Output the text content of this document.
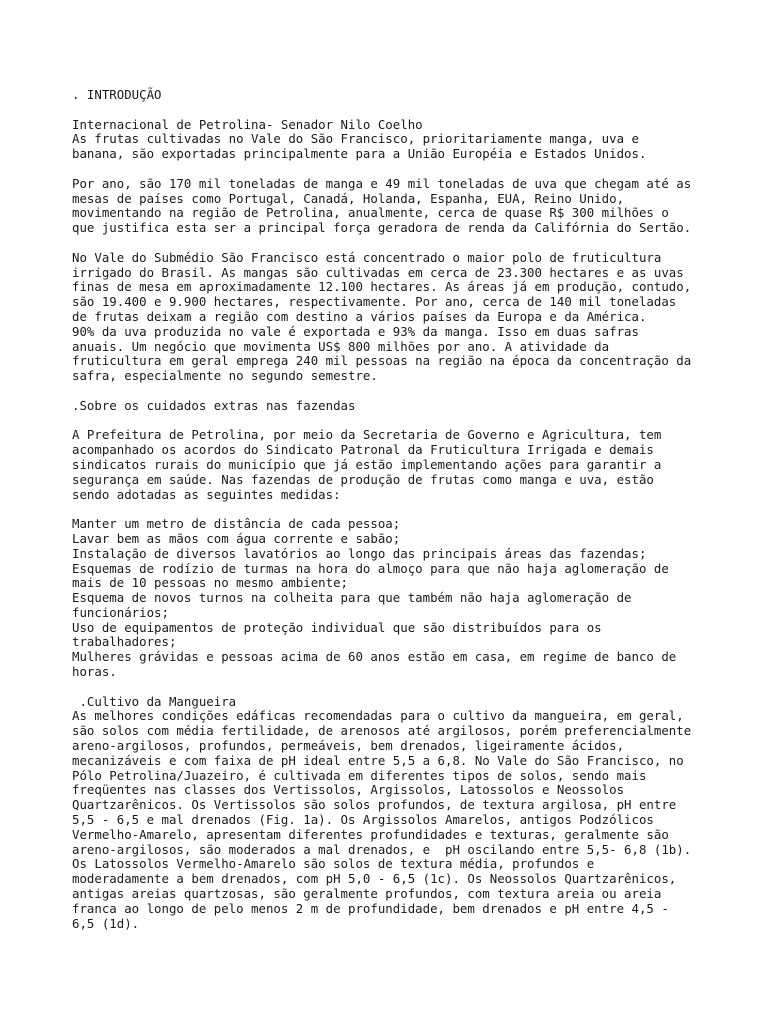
. INTRODUÇÃO
Internacional de Petrolina- Senador Nilo Coelho
As frutas cultivadas no Vale do São Francisco, prioritariamente manga, uva e
banana, são exportadas principalmente para a União Européia e Estados Unidos.
Por ano, são 170 mil toneladas de manga e 49 mil toneladas de uva que chegam até as
mesas de países como Portugal, Canadá, Holanda, Espanha, EUA, Reino Unido,
movimentando na região de Petrolina, anualmente, cerca de quase R$ 300 milhões o
que justifica esta ser a principal força geradora de renda da Califórnia do Sertão.
No Vale do Submédio São Francisco está concentrado o maior polo de fruticultura
irrigado do Brasil. As mangas são cultivadas em cerca de 23.300 hectares e as uvas
finas de mesa em aproximadamente 12.100 hectares. As áreas já em produção, contudo,
são 19.400 e 9.900 hectares, respectivamente. Por ano, cerca de 140 mil toneladas
de frutas deixam a região com destino a vários países da Europa e da América.
90% da uva produzida no vale é exportada e 93% da manga. Isso em duas safras
anuais. Um negócio que movimenta US$ 800 milhões por ano. A atividade da
fruticultura em geral emprega 240 mil pessoas na região na época da concentração da
safra, especialmente no segundo semestre.
.Sobre os cuidados extras nas fazendas
A Prefeitura de Petrolina, por meio da Secretaria de Governo e Agricultura, tem
acompanhado os acordos do Sindicato Patronal da Fruticultura Irrigada e demais
sindicatos rurais do município que já estão implementando ações para garantir a
segurança em saúde. Nas fazendas de produção de frutas como manga e uva, estão
sendo adotadas as seguintes medidas:
Manter um metro de distância de cada pessoa;
Lavar bem as mãos com água corrente e sabão;
Instalação de diversos lavatórios ao longo das principais áreas das fazendas;
Esquemas de rodízio de turmas na hora do almoço para que não haja aglomeração de
mais de 10 pessoas no mesmo ambiente;
Esquema de novos turnos na colheita para que também não haja aglomeração de
funcionários;
Uso de equipamentos de proteção individual que são distribuídos para os
trabalhadores;
Mulheres grávidas e pessoas acima de 60 anos estão em casa, em regime de banco de
horas.
.Cultivo da Mangueira
As melhores condições edáficas recomendadas para o cultivo da mangueira, em geral,
são solos com média fertilidade, de arenosos até argilosos, porém preferencialmente
areno-argilosos, profundos, permeáveis, bem drenados, ligeiramente ácidos,
mecanizáveis e com faixa de pH ideal entre 5,5 a 6,8. No Vale do São Francisco, no
Pólo Petrolina/Juazeiro, é cultivada em diferentes tipos de solos, sendo mais
freqüentes nas classes dos Vertissolos, Argissolos, Latossolos e Neossolos
Quartzarênicos. Os Vertissolos são solos profundos, de textura argilosa, pH entre
5,5 - 6,5 e mal drenados (Fig. 1a). Os Argissolos Amarelos, antigos Podzólicos
Vermelho-Amarelo, apresentam diferentes profundidades e texturas, geralmente são
areno-argilosos, são moderados a mal drenados, e  pH oscilando entre 5,5- 6,8 (1b).
Os Latossolos Vermelho-Amarelo são solos de textura média, profundos e
moderadamente a bem drenados, com pH 5,0 - 6,5 (1c). Os Neossolos Quartzarênicos,
antigas areias quartzosas, são geralmente profundos, com textura areia ou areia
franca ao longo de pelo menos 2 m de profundidade, bem drenados e pH entre 4,5 -
6,5 (1d).
